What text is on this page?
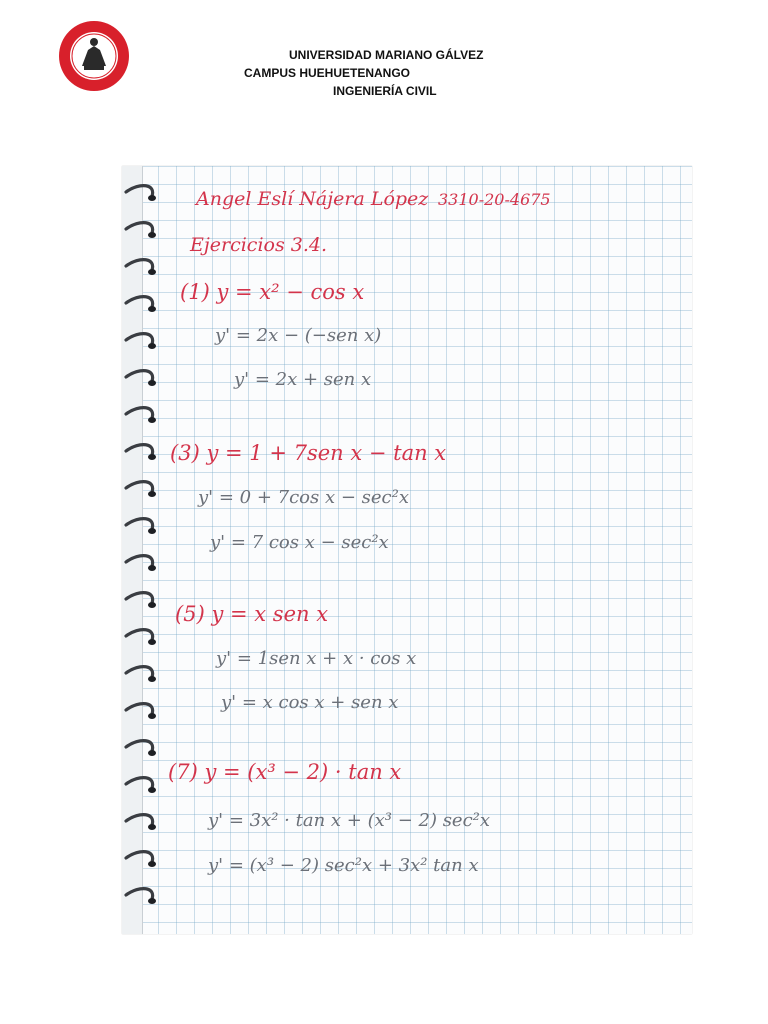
UNIVERSIDAD MARIANO GÁLVEZ
CAMPUS HUEHUETENANGO
INGENIERÍA CIVIL
Angel Eslí Nájera López 3310-20-4675
Ejercicios 3.4.
(1) y = x² − cos x
y' = 2x − (−sen x)
y' = 2x + sen x
(3) y = 1 + 7sen x − tan x
y' = 0 + 7cos x − sec²x
y' = 7 cos x − sec²x
(5) y = x sen x
y' = 1sen x + x · cos x
y' = x cos x + sen x
(7) y = (x³ − 2) · tan x
y' = 3x² · tan x + (x³ − 2) sec²x
y' = (x³ − 2) sec²x + 3x² tan x
